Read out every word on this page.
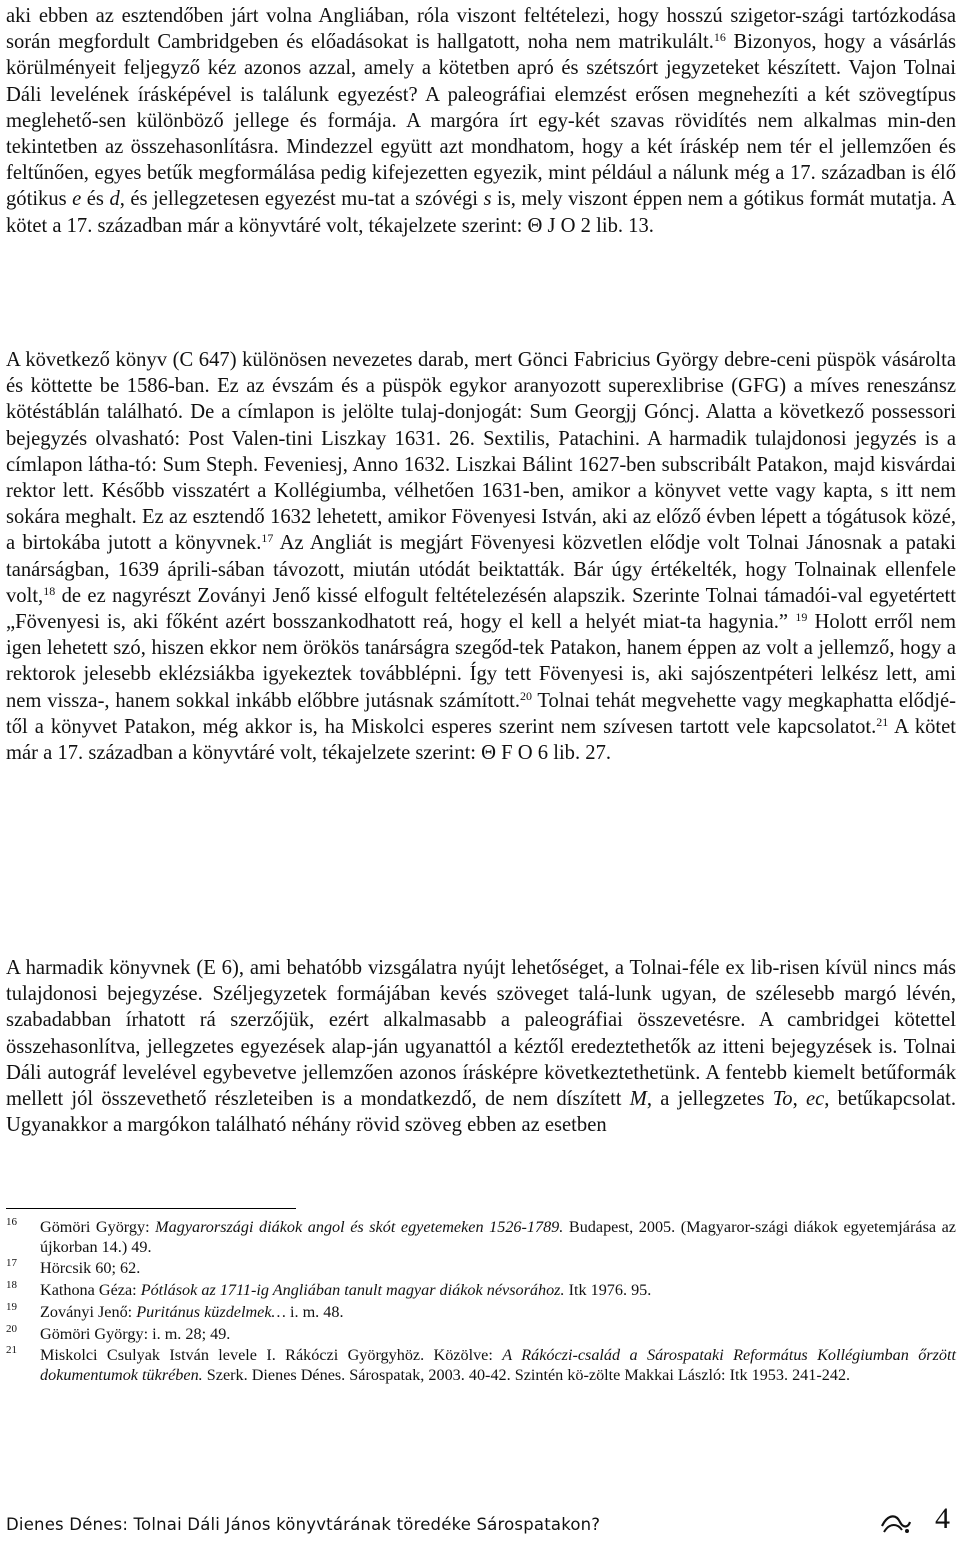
aki ebben az esztendőben járt volna Angliában, róla viszont feltételezi, hogy hosszú szigetor-szági tartózkodása során megfordult Cambridgeben és előadásokat is hallgatott, noha nem matrikulált.$^{16}$ Bizonyos, hogy a vásárlás körülményeit feljegyző kéz azonos azzal, amely a kötetben apró és szétszórt jegyzeteket készített. Vajon Tolnai Dáli levelének írásképével is találunk egyezést? A paleográfiai elemzést erősen megnehezíti a két szövegtípus meglehető-sen különböző jellege és formája. A margóra írt egy-két szavas rövidítés nem alkalmas min-den tekintetben az összehasonlításra. Mindezzel együtt azt mondhatom, hogy a két íráskép nem tér el jellemzően és feltűnően, egyes betűk megformálása pedig kifejezetten egyezik, mint például a nálunk még a 17. században is élő gótikus e és d, és jellegzetesen egyezést mu-tat a szóvégi s is, mely viszont éppen nem a gótikus formát mutatja. A kötet a 17. században már a könyvtáré volt, tékajelzete szerint: Θ J O 2 lib. 13.

A következő könyv (C 647) különösen nevezetes darab, mert Gönci Fabricius György debre-ceni püspök vásárolta és köttette be 1586-ban. Ez az évszám és a püspök egykor aranyozott superexlibrise (GFG) a míves reneszánsz kötéstáblán található. De a címlapon is jelölte tulaj-donjogát: Sum Georgjj Góncj. Alatta a következő possessori bejegyzés olvasható: Post Valen-tini Liszkay 1631. 26. Sextilis, Patachini. A harmadik tulajdonosi jegyzés is a címlapon látha-tó: Sum Steph. Feveniesj, Anno 1632. Liszkai Bálint 1627-ben subscribált Patakon, majd kisvárdai rektor lett. Később visszatért a Kollégiumba, vélhetően 1631-ben, amikor a könyvet vette vagy kapta, s itt nem sokára meghalt. Ez az esztendő 1632 lehetett, amikor Fövenyesi István, aki az előző évben lépett a tógátusok közé, a birtokába jutott a könyvnek.$^{17}$ Az Angliát is megjárt Fövenyesi közvetlen elődje volt Tolnai Jánosnak a pataki tanárságban, 1639 áprili-sában távozott, miután utódát beiktatták. Bár úgy értékelték, hogy Tolnainak ellenfele volt,$^{18}$ de ez nagyrészt Zoványi Jenő kissé elfogult feltételezésén alapszik. Szerinte Tolnai támadói-val egyetértett „Fövenyesi is, aki főként azért bosszankodhatott reá, hogy el kell a helyét miat-ta hagynia.” $^{19}$ Holott erről nem igen lehetett szó, hiszen ekkor nem örökös tanárságra szegőd-tek Patakon, hanem éppen az volt a jellemző, hogy a rektorok jelesebb eklézsiákba igyekeztek továbblépni. Így tett Fövenyesi is, aki sajószentpéteri lelkész lett, ami nem vissza-, hanem sokkal inkább előbbre jutásnak számított.$^{20}$ Tolnai tehát megvehette vagy megkaphatta elődjé-től a könyvet Patakon, még akkor is, ha Miskolci esperes szerint nem szívesen tartott vele kapcsolatot.$^{21}$ A kötet már a 17. században a könyvtáré volt, tékajelzete szerint: Θ F O 6 lib. 27.

A harmadik könyvnek (E 6), ami behatóbb vizsgálatra nyújt lehetőséget, a Tolnai-féle ex lib-risen kívül nincs más tulajdonosi bejegyzése. Széljegyzetek formájában kevés szöveget talá-lunk ugyan, de szélesebb margó lévén, szabadabban írhatott rá szerzőjük, ezért alkalmasabb a paleográfiai összevetésre. A cambridgei kötettel összehasonlítva, jellegzetes egyezések alap-ján ugyanattól a kéztől eredeztethetők az itteni bejegyzések is. Tolnai Dáli autográf levelével egybevetve jellemzően azonos írásképre következtethetünk. A fentebb kiemelt betűformák mellett jól összevethető részleteiben is a mondatkezdő, de nem díszített M, a jellegzetes To, ec, betűkapcsolat. Ugyanakkor a margókon található néhány rövid szöveg ebben az esetben

16 Gömöri György: Magyarországi diákok angol és skót egyetemeken 1526-1789. Budapest, 2005. (Magyaror-szági diákok egyetemjárása az újkorban 14.) 49.

17 Hörcsik 60; 62.

18 Kathona Géza: Pótlások az 1711-ig Angliában tanult magyar diákok névsorához. Itk 1976. 95.

19 Zoványi Jenő: Puritánus küzdelmek… i. m. 48.

20 Gömöri György: i. m. 28; 49.

21 Miskolci Csulyak István levele I. Rákóczi Györgyhöz. Közölve: A Rákóczi-család a Sárospataki Református Kollégiumban őrzött dokumentumok tükrében. Szerk. Dienes Dénes. Sárospatak, 2003. 40-42. Szintén kö-zölte Makkai László: Itk 1953. 241-242.

Dienes Dénes: Tolnai Dáli János könyvtárának töredéke Sárospatakon?	4
